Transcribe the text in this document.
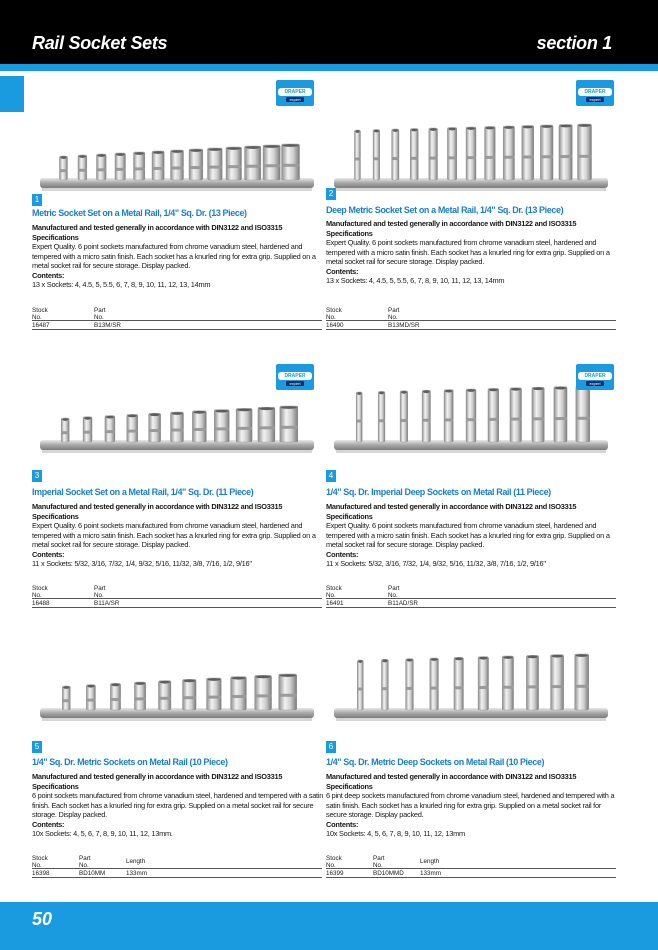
Rail Socket Sets	section 1
DRAPER
expert
1
Metric Socket Set on a Metal Rail, 1/4" Sq. Dr. (13 Piece)
Manufactured and tested generally in accordance with DIN3122 and ISO3315 Specifications
Expert Quality. 6 point sockets manufactured from chrome vanadium steel, hardened and tempered with a micro satin finish. Each socket has a knurled ring for extra grip. Supplied on a metal socket rail for secure storage. Display packed.
Contents:
13 x Sockets: 4, 4.5, 5, 5.5, 6, 7, 8, 9, 10, 11, 12, 13, 14mm
Stock
No.
Part
No.
16487	B13M/SR
DRAPER
expert
2
Deep Metric Socket Set on a Metal Rail, 1/4" Sq. Dr. (13 Piece)
Manufactured and tested generally in accordance with DIN3122 and ISO3315 Specifications
Expert Quality. 6 point sockets manufactured from chrome vanadium steel, hardened and tempered with a micro satin finish. Each socket has a knurled ring for extra grip. Supplied on a metal socket rail for secure storage. Display packed.
Contents:
13 x Sockets: 4, 4.5, 5, 5.5, 6, 7, 8, 9, 10, 11, 12, 13, 14mm
Stock
No.
Part
No.
16490	B13MD/SR
DRAPER
expert
3
Imperial Socket Set on a Metal Rail, 1/4" Sq. Dr. (11 Piece)
Manufactured and tested generally in accordance with DIN3122 and ISO3315 Specifications
Expert Quality. 6 point sockets manufactured from chrome vanadium steel, hardened and tempered with a micro satin finish. Each socket has a knurled ring for extra grip. Supplied on a metal socket rail for secure storage. Display packed.
Contents:
11 x Sockets: 5/32, 3/16, 7/32, 1/4, 9/32, 5/16, 11/32, 3/8, 7/16, 1/2, 9/16"
Stock
No.
Part
No.
16488	B11A/SR
DRAPER
expert
4
1/4" Sq. Dr. Imperial Deep Sockets on Metal Rail (11 Piece)
Manufactured and tested generally in accordance with DIN3122 and ISO3315 Specifications
Expert Quality. 6 point sockets manufactured from chrome vanadium steel, hardened and tempered with a micro satin finish. Each socket has a knurled ring for extra grip. Supplied on a metal socket rail for secure storage. Display packed.
Contents:
11 x Sockets: 5/32, 3/16, 7/32, 1/4, 9/32, 5/16, 11/32, 3/8, 7/16, 1/2, 9/16"
Stock
No.
Part
No.
16491	B11AD/SR
5
1/4" Sq. Dr. Metric Sockets on Metal Rail (10 Piece)
Manufactured and tested generally in accordance with DIN3122 and ISO3315 Specifications
6 point sockets manufactured from chrome vanadium steel, hardened and tempered with a satin finish. Each socket has a knurled ring for extra grip. Supplied on a metal socket rail for secure storage. Display packed.
Contents:
10x Sockets: 4, 5, 6, 7, 8, 9, 10, 11, 12, 13mm.
Stock
No.
Part
No.
Length
16398	BD10MM	133mm
6
1/4" Sq. Dr. Metric Deep Sockets on Metal Rail (10 Piece)
Manufactured and tested generally in accordance with DIN3122 and ISO3315 Specifications
6 pint deep sockets manufactured from chrome vanadium steel, hardened and tempered with a satin finish. Each socket has a knurled ring for extra grip. Supplied on a metal socket rail for secure storage. Display packed.
Contents:
10x Sockets: 4, 5, 6, 7, 8, 9, 10, 11, 12, 13mm
Stock
No.
Part
No.
Length
16399	BD10MMD	133mm
50
